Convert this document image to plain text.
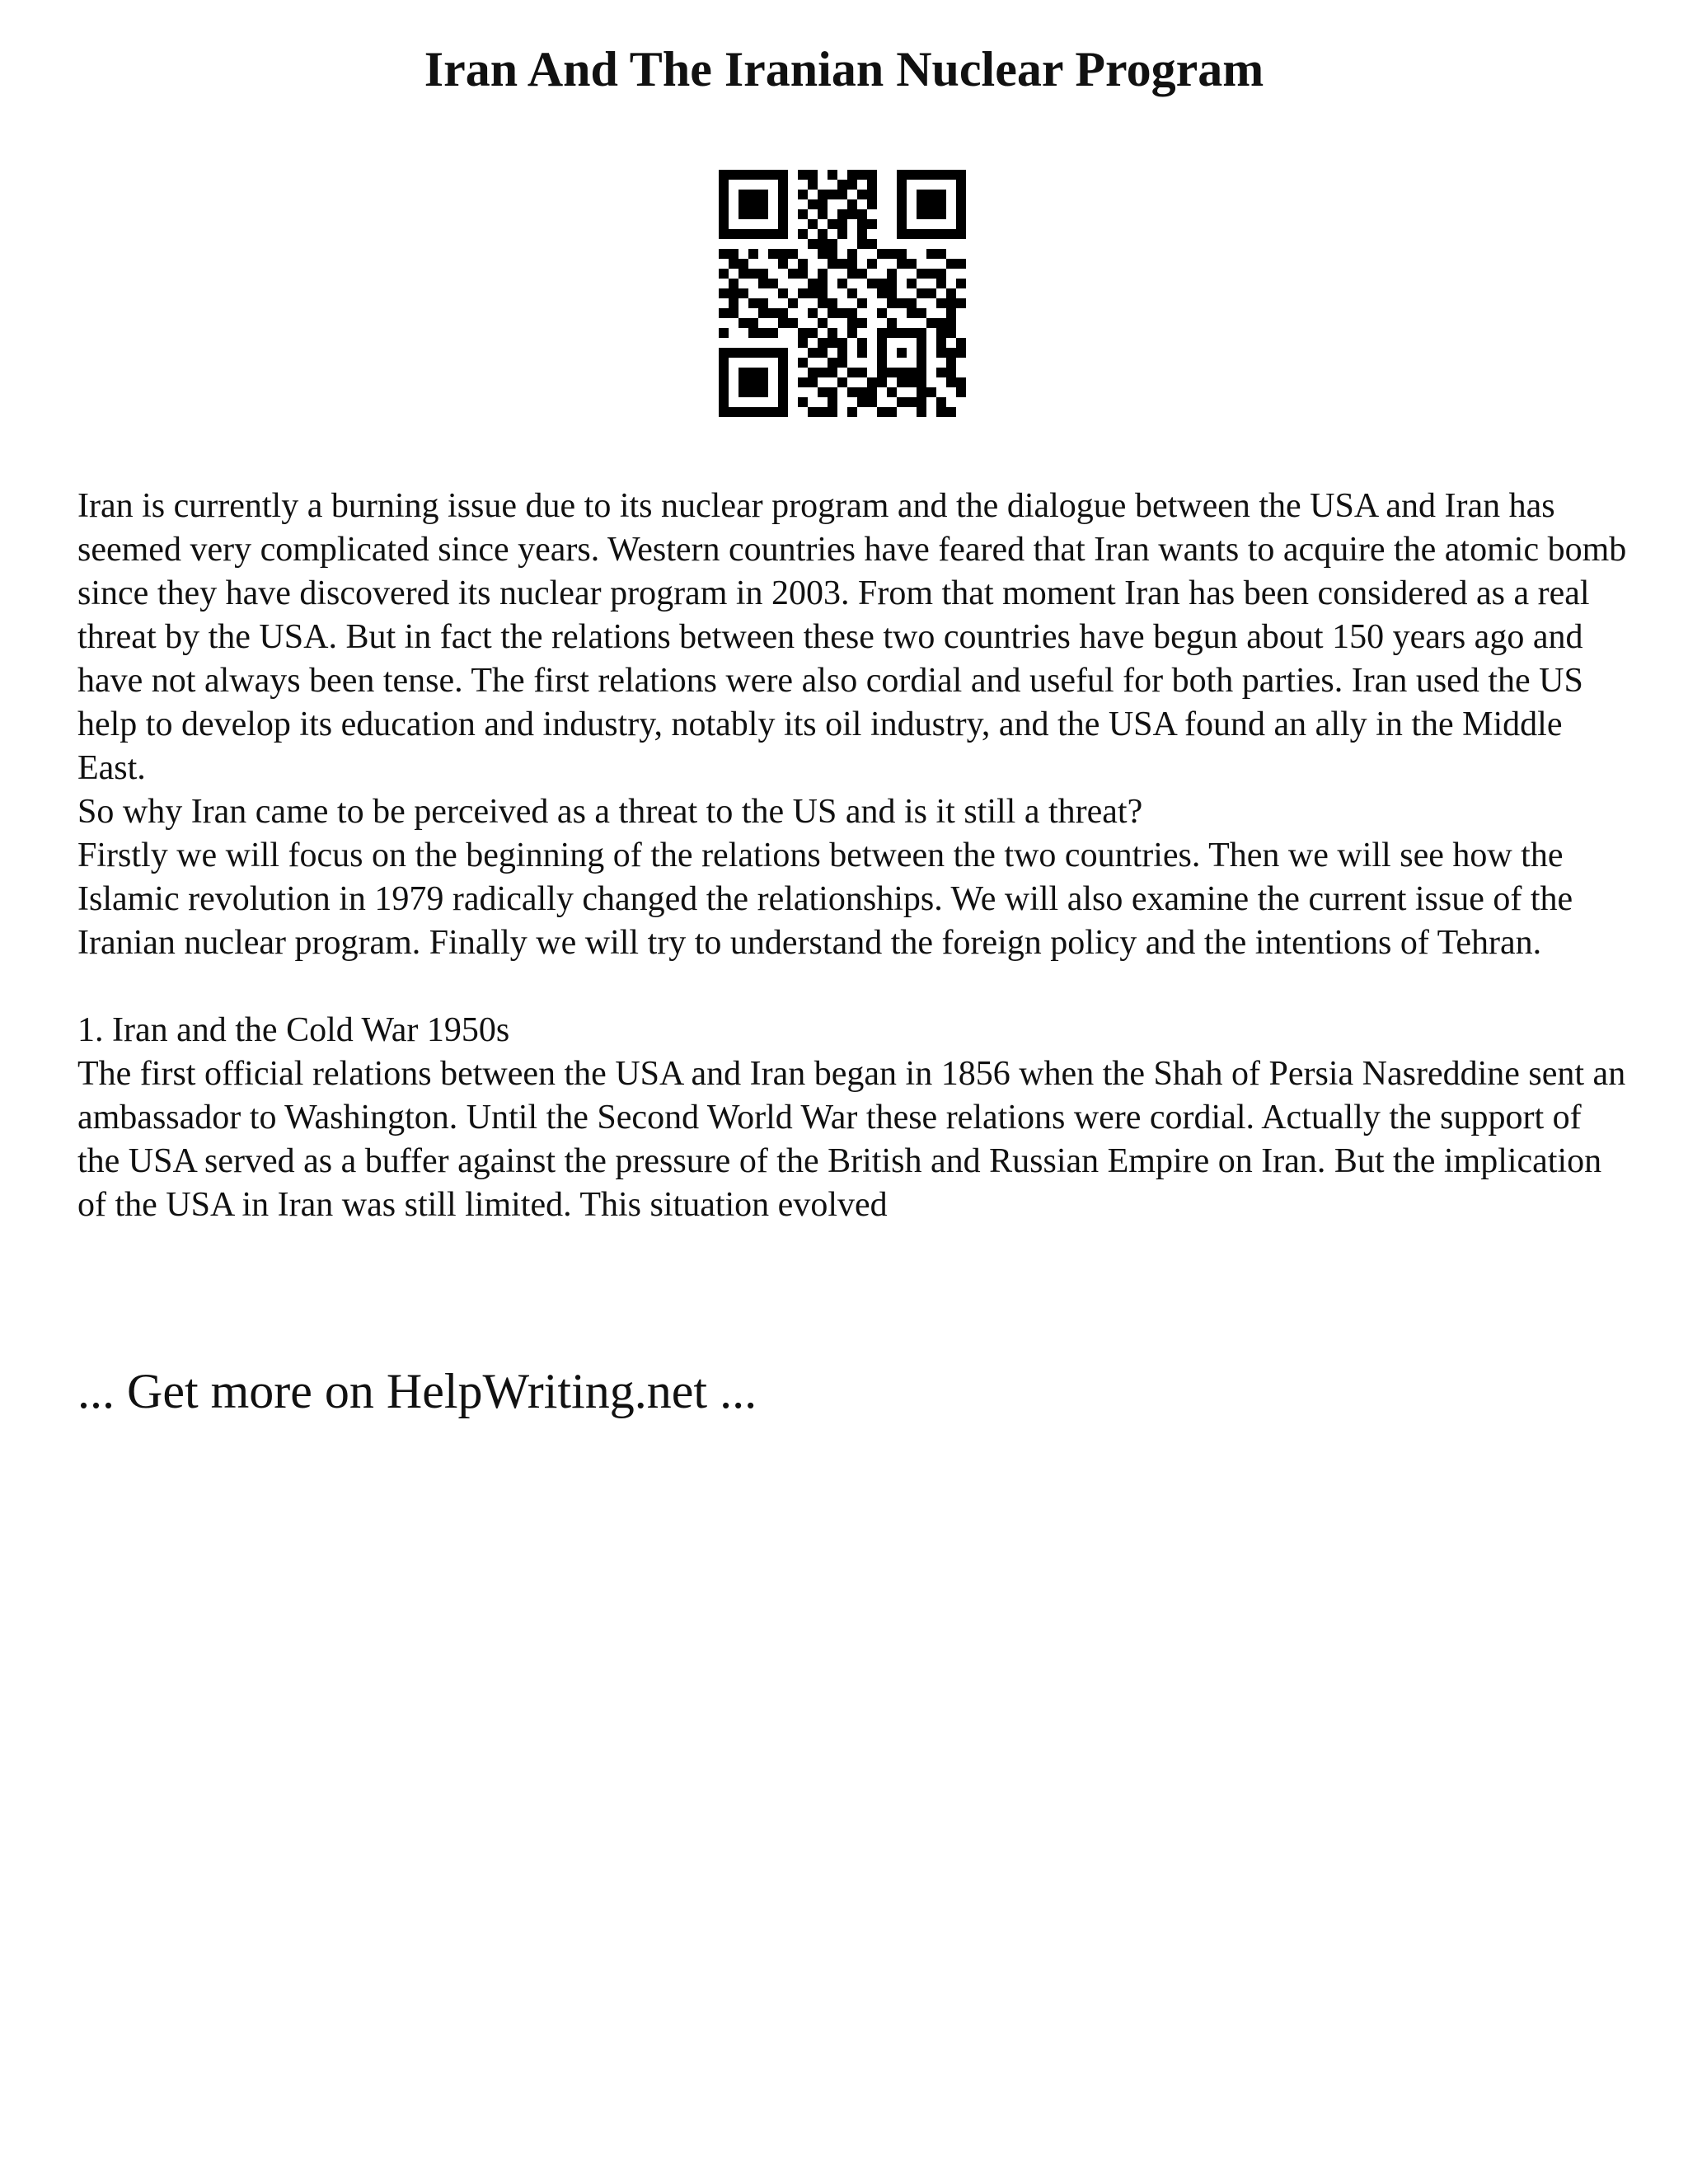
Iran And The Iranian Nuclear Program
Iran is currently a burning issue due to its nuclear program and the dialogue between the USA and Iran has seemed very complicated since years. Western countries have feared that Iran wants to acquire the atomic bomb since they have discovered its nuclear program in 2003. From that moment Iran has been considered as a real threat by the USA. But in fact the relations between these two countries have begun about 150 years ago and have not always been tense. The first relations were also cordial and useful for both parties. Iran used the US help to develop its education and industry, notably its oil industry, and the USA found an ally in the Middle East.
So why Iran came to be perceived as a threat to the US and is it still a threat?
Firstly we will focus on the beginning of the relations between the two countries. Then we will see how the Islamic revolution in 1979 radically changed the relationships. We will also examine the current issue of the Iranian nuclear program. Finally we will try to understand the foreign policy and the intentions of Tehran.

1. Iran and the Cold War 1950s
The first official relations between the USA and Iran began in 1856 when the Shah of Persia Nasreddine sent an ambassador to Washington. Until the Second World War these relations were cordial. Actually the support of the USA served as a buffer against the pressure of the British and Russian Empire on Iran. But the implication of the USA in Iran was still limited. This situation evolved
... Get more on HelpWriting.net ...
